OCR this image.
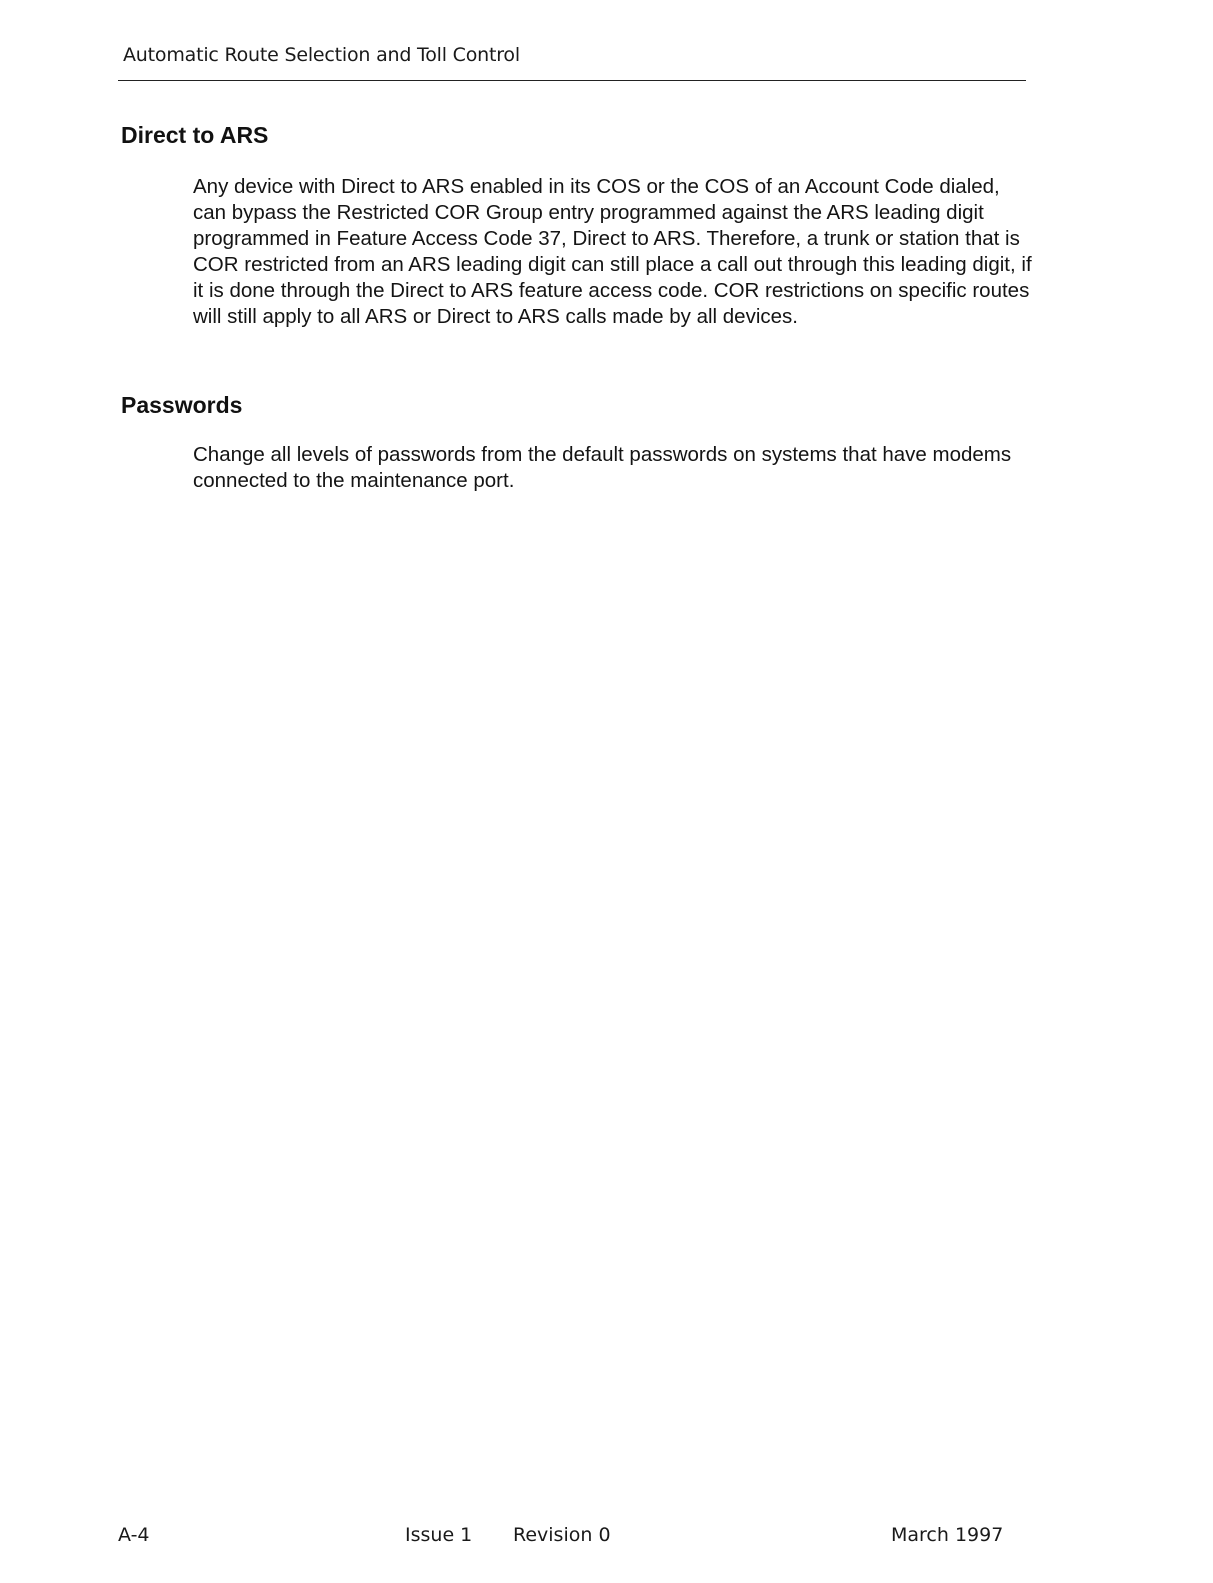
Automatic Route Selection and Toll Control
Direct to ARS

Any device with Direct to ARS enabled in its COS or the COS of an Account Code dialed, can bypass the Restricted COR Group entry programmed against the ARS leading digit programmed in Feature Access Code 37, Direct to ARS. Therefore, a trunk or station that is COR restricted from an ARS leading digit can still place a call out through this leading digit, if it is done through the Direct to ARS feature access code. COR restrictions on specific routes will still apply to all ARS or Direct to ARS calls made by all devices.

Passwords

Change all levels of passwords from the default passwords on systems that have modems connected to the maintenance port.

A-4	Issue 1 Revision 0	March 1997
